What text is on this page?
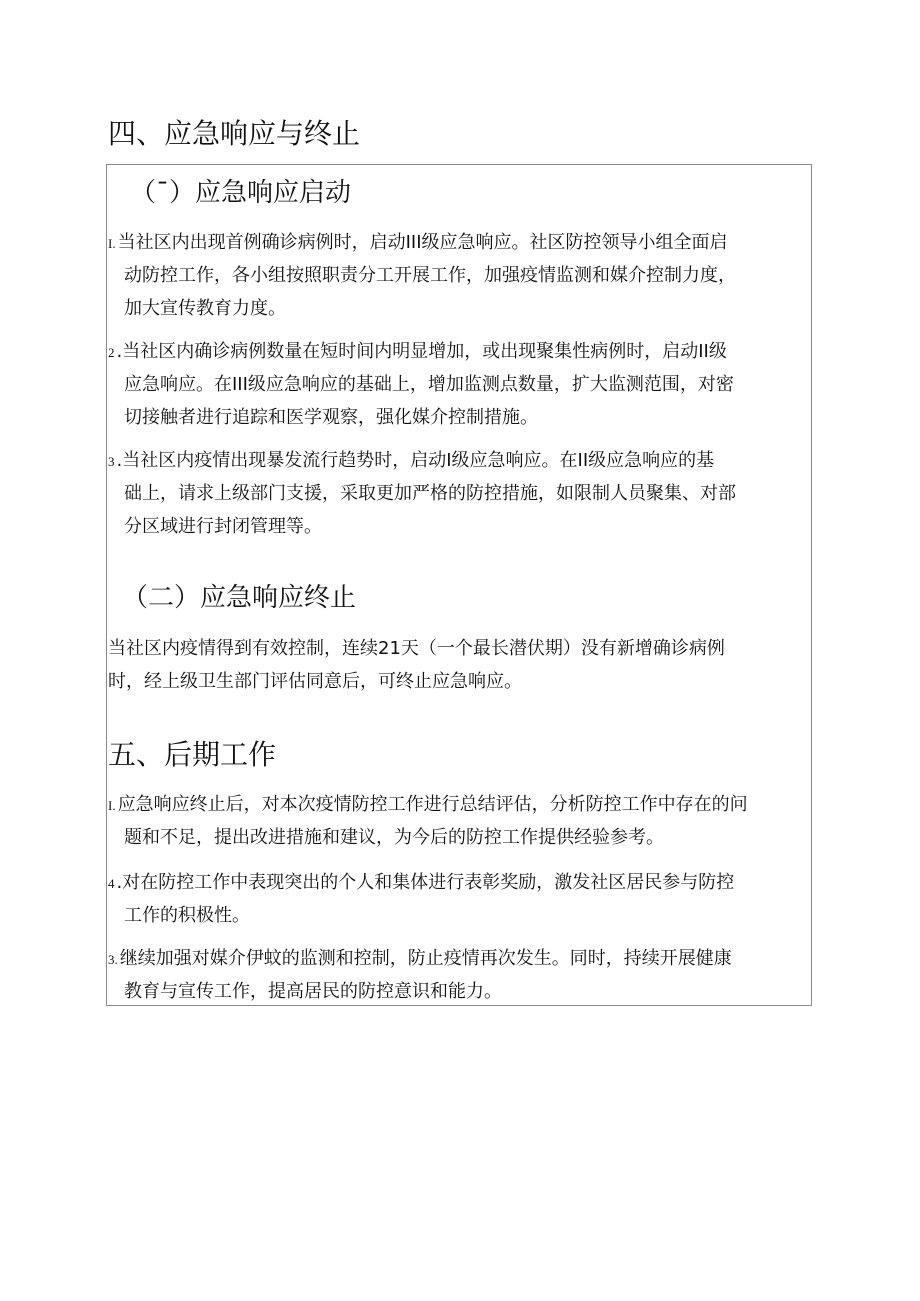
四、应急响应与终止
（¯）应急响应启动
I. 当社区内出现首例确诊病例时，启动III级应急响应。社区防控领导小组全面启
动防控工作，各小组按照职责分工开展工作，加强疫情监测和媒介控制力度，
加大宣传教育力度。
2 .当社区内确诊病例数量在短时间内明显增加，或出现聚集性病例时，启动II级
应急响应。在III级应急响应的基础上，增加监测点数量，扩大监测范围，对密
切接触者进行追踪和医学观察，强化媒介控制措施。
3 .当社区内疫情出现暴发流行趋势时，启动I级应急响应。在II级应急响应的基
础上，请求上级部门支援，采取更加严格的防控措施，如限制人员聚集、对部
分区域进行封闭管理等。
（二）应急响应终止
当社区内疫情得到有效控制，连续21天（一个最长潜伏期）没有新增确诊病例
时，经上级卫生部门评估同意后，可终止应急响应。
五、后期工作
I. 应急响应终止后，对本次疫情防控工作进行总结评估，分析防控工作中存在的问
题和不足，提出改进措施和建议，为今后的防控工作提供经验参考。
4 .对在防控工作中表现突出的个人和集体进行表彰奖励，激发社区居民参与防控
工作的积极性。
3. 继续加强对媒介伊蚊的监测和控制，防止疫情再次发生。同时，持续开展健康
教育与宣传工作，提高居民的防控意识和能力。
